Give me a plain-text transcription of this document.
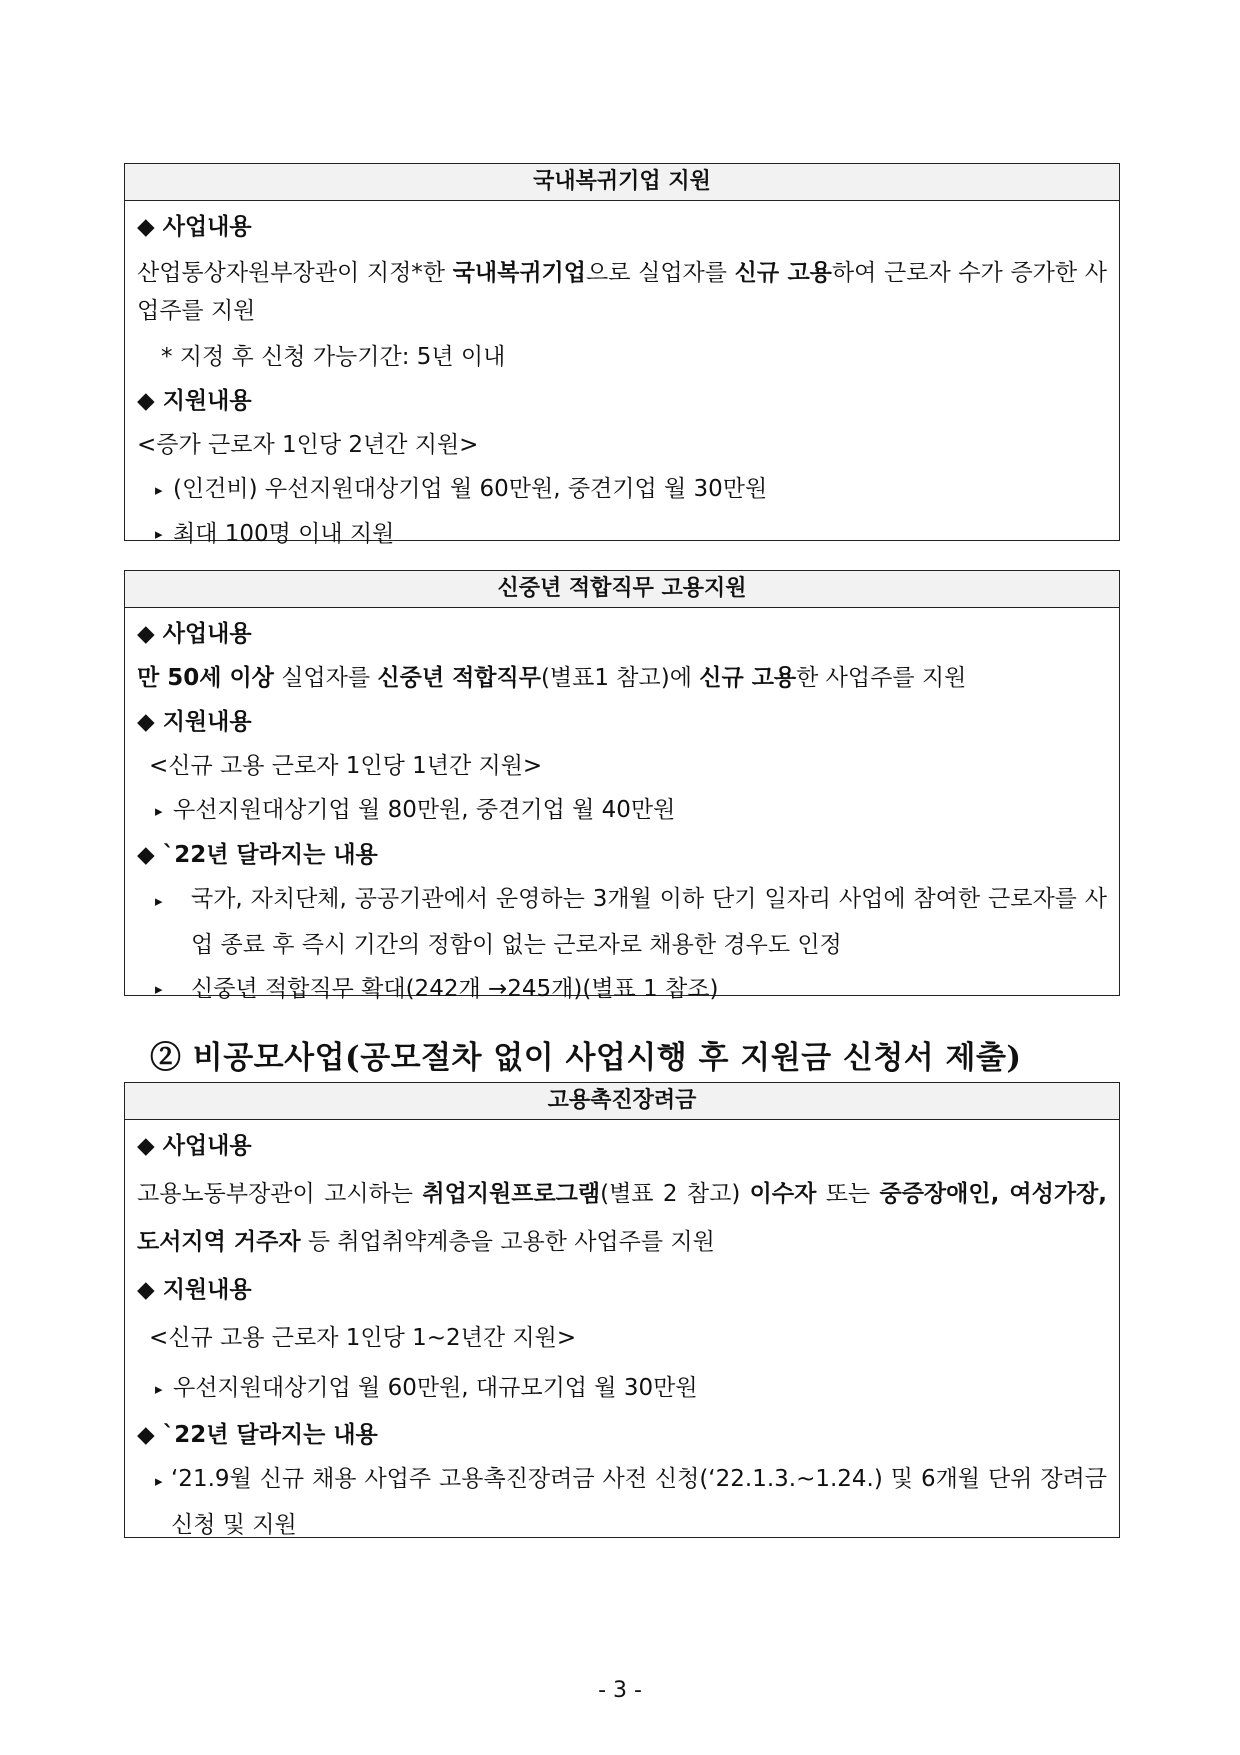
국내복귀기업 지원
◆ 사업내용
산업통상자원부장관이 지정*한 국내복귀기업으로 실업자를 신규 고용하여 근로자 수가 증가한 사업주를 지원
* 지정 후 신청 가능기간: 5년 이내
◆ 지원내용
<증가 근로자 1인당 2년간 지원>
▸ (인건비) 우선지원대상기업 월 60만원, 중견기업 월 30만원
▸ 최대 100명 이내 지원
신중년 적합직무 고용지원
◆ 사업내용
만 50세 이상 실업자를 신중년 적합직무(별표1 참고)에 신규 고용한 사업주를 지원
◆ 지원내용
<신규 고용 근로자 1인당 1년간 지원>
▸ 우선지원대상기업 월 80만원, 중견기업 월 40만원
◆ `22년 달라지는 내용
▸ 국가, 자치단체, 공공기관에서 운영하는 3개월 이하 단기 일자리 사업에 참여한 근로자를 사업 종료 후 즉시 기간의 정함이 없는 근로자로 채용한 경우도 인정
▸ 신중년 적합직무 확대(242개 →245개)(별표 1 참조)
② 비공모사업(공모절차 없이 사업시행 후 지원금 신청서 제출)
고용촉진장려금
◆ 사업내용
고용노동부장관이 고시하는 취업지원프로그램(별표 2 참고) 이수자 또는 중증장애인, 여성가장, 도서지역 거주자 등 취업취약계층을 고용한 사업주를 지원
◆ 지원내용
<신규 고용 근로자 1인당 1~2년간 지원>
▸ 우선지원대상기업 월 60만원, 대규모기업 월 30만원
◆ `22년 달라지는 내용
▸ ‘21.9월 신규 채용 사업주 고용촉진장려금 사전 신청(‘22.1.3.~1.24.) 및 6개월 단위 장려금 신청 및 지원
- 3 -
